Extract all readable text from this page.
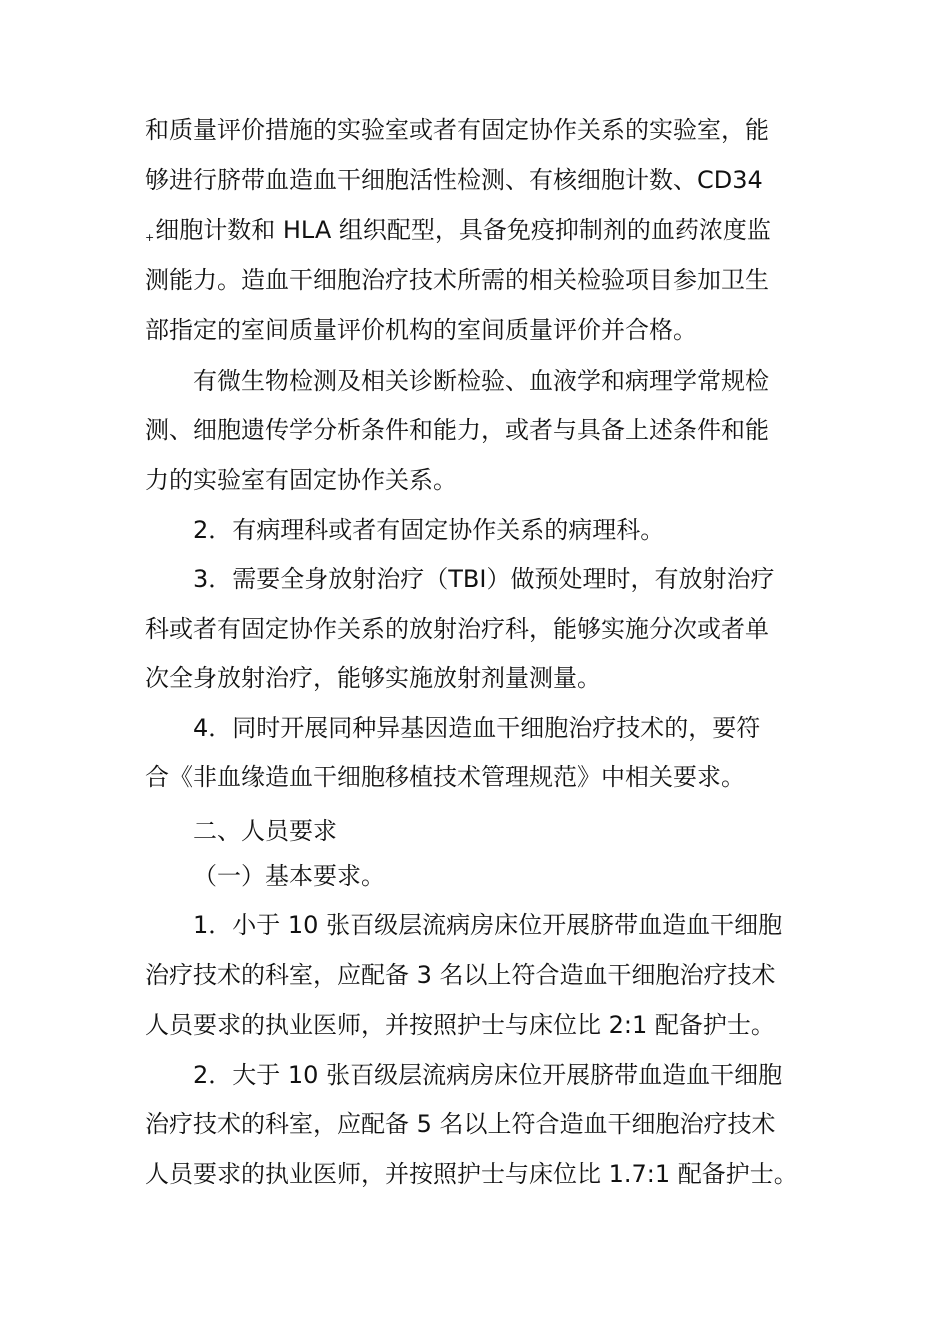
和质量评价措施的实验室或者有固定协作关系的实验室，能
够进行脐带血造血干细胞活性检测、有核细胞计数、CD34
+细胞计数和 HLA 组织配型，具备免疫抑制剂的血药浓度监
测能力。造血干细胞治疗技术所需的相关检验项目参加卫生
部指定的室间质量评价机构的室间质量评价并合格。
有微生物检测及相关诊断检验、血液学和病理学常规检
测、细胞遗传学分析条件和能力，或者与具备上述条件和能
力的实验室有固定协作关系。
2．有病理科或者有固定协作关系的病理科。
3．需要全身放射治疗（TBI）做预处理时，有放射治疗
科或者有固定协作关系的放射治疗科，能够实施分次或者单
次全身放射治疗，能够实施放射剂量测量。
4．同时开展同种异基因造血干细胞治疗技术的，要符
合《非血缘造血干细胞移植技术管理规范》中相关要求。
二、人员要求
（一）基本要求。
1．小于 10 张百级层流病房床位开展脐带血造血干细胞
治疗技术的科室，应配备 3 名以上符合造血干细胞治疗技术
人员要求的执业医师，并按照护士与床位比 2:1 配备护士。
2．大于 10 张百级层流病房床位开展脐带血造血干细胞
治疗技术的科室，应配备 5 名以上符合造血干细胞治疗技术
人员要求的执业医师，并按照护士与床位比 1.7:1 配备护士。
